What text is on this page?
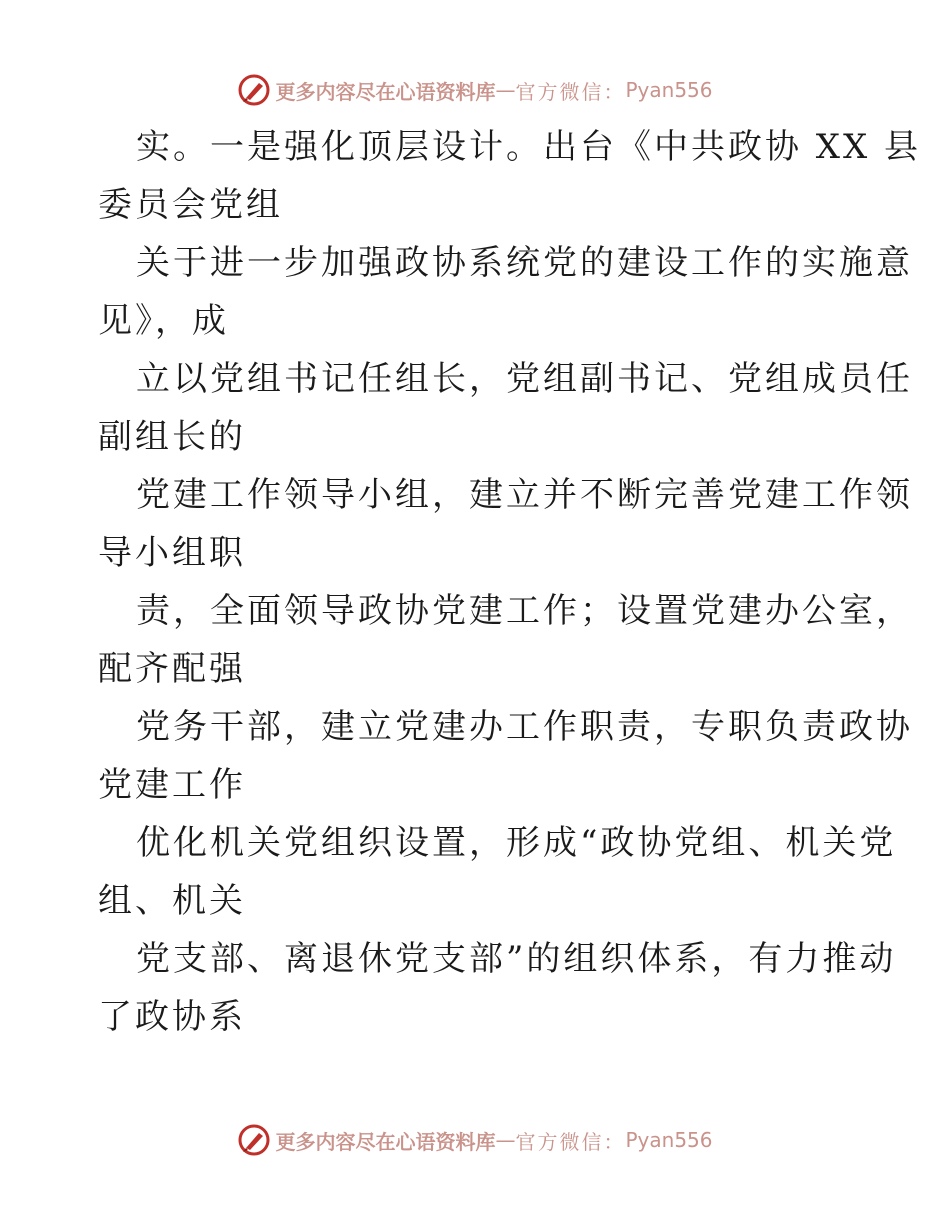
更多内容尽在心语资料库 — 官方微信： Pyan556
实。一是强化顶层设计。出台《中共政协 XX 县
委员会党组
关于进一步加强政协系统党的建设工作的实施意
见》，成
立以党组书记任组长，党组副书记、党组成员任
副组长的
党建工作领导小组，建立并不断完善党建工作领
导小组职
责，全面领导政协党建工作；设置党建办公室，
配齐配强
党务干部，建立党建办工作职责，专职负责政协
党建工作
优化机关党组织设置，形成“政协党组、机关党
组、机关
党支部、离退休党支部”的组织体系，有力推动
了政协系
更多内容尽在心语资料库 — 官方微信： Pyan556
